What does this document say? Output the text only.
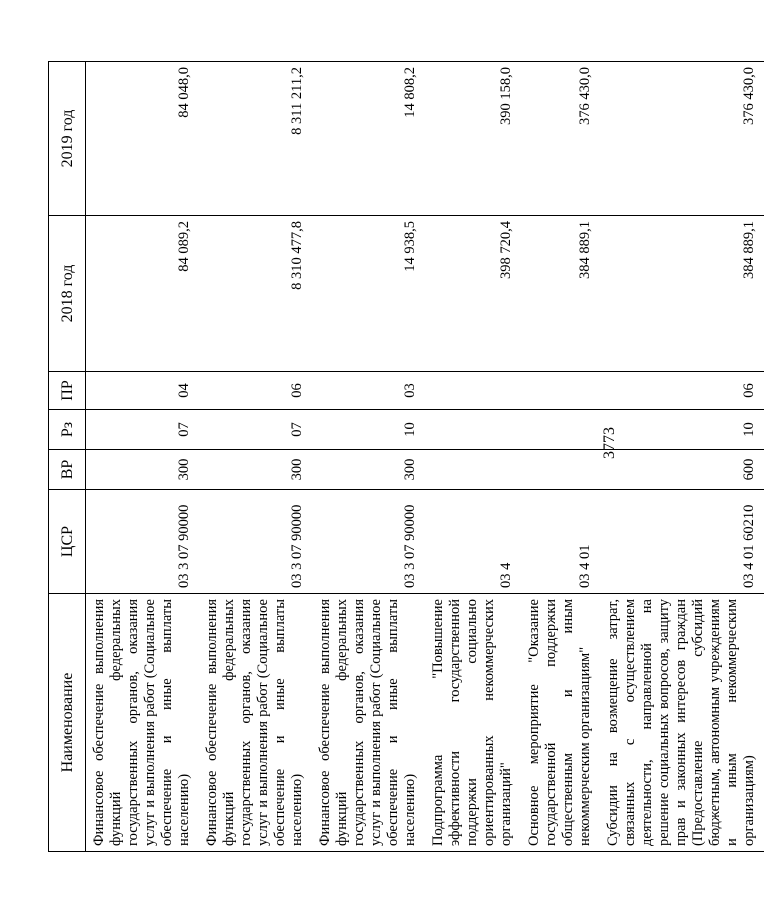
3773
Наименование	ЦСР	ВР	Рз	ПР	2018 год	2019 год
Финансовое обеспечение выполнения функций федеральных государственных органов, оказания услуг и выполнения работ (Социальное обеспечение и иные выплаты населению)	03 3 07 90000	300	07	04	84 089,2	84 048,0
Финансовое обеспечение выполнения функций федеральных государственных органов, оказания услуг и выполнения работ (Социальное обеспечение и иные выплаты населению)	03 3 07 90000	300	07	06	8 310 477,8	8 311 211,2
Финансовое обеспечение выполнения функций федеральных государственных органов, оказания услуг и выполнения работ (Социальное обеспечение и иные выплаты населению)	03 3 07 90000	300	10	03	14 938,5	14 808,2
Подпрограмма "Повышение эффективности государственной поддержки социально ориентированных некоммерческих организаций"	03 4				398 720,4	390 158,0
Основное мероприятие "Оказание государственной поддержки общественным и иным некоммерческим организациям"	03 4 01				384 889,1	376 430,0
Субсидии на возмещение затрат, связанных с осуществлением деятельности, направленной на решение социальных вопросов, защиту прав и законных интересов граждан (Предоставление субсидий бюджетным, автономным учреждениям и иным некоммерческим организациям)	03 4 01 60210	600	10	06	384 889,1	376 430,0
